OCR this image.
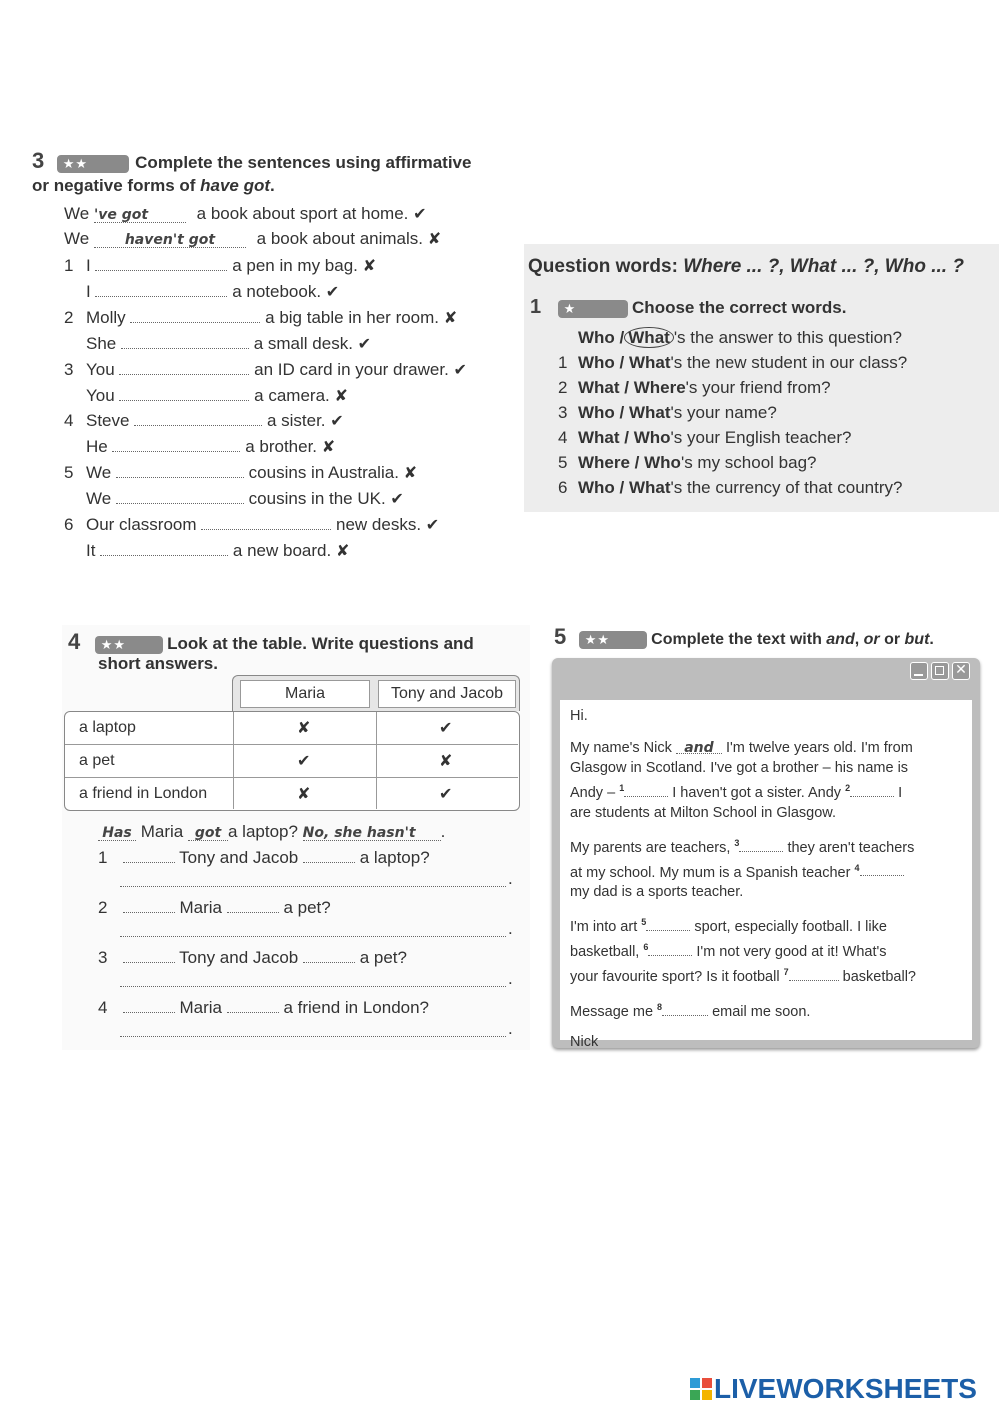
3 ★★	Complete the sentences using affirmative
or negative forms of have got.
We 've got	a book about sport at home. ✔
We	haven't got a book about animals. ✘
1 I	a pen in my bag. ✘
I	a notebook. ✔
2 Molly	a big table in her room. ✘
She	a small desk. ✔
3 You	an ID card in your drawer. ✔
You	a camera. ✘
4 Steve	a sister. ✔
He	a brother. ✘
5 We	cousins in Australia. ✘
We	cousins in the UK. ✔
6 Our classroom	new desks. ✔
It	a new board. ✘
Question words: Where ... ?, What ... ?, Who ... ?
1 ★	Choose the correct words.
Who / What 's the answer to this question?
1 Who / What's the new student in our class?
2 What / Where's your friend from?
3 Who / What's your name?
4 What / Who's your English teacher?
5 Where / Who's my school bag?
6 Who / What's the currency of that country?
4 ★★ Look at the table. Write questions and
short answers.
Maria	Tony and Jacob
a laptop	✘	✔
a pet	✔	✘
a friend in London	✘	✔
Has Maria got a laptop? No, she hasn't .
1	Tony and Jacob	a laptop?
.
2	Maria	a pet?
.
3	Tony and Jacob	a pet?
.
4	Maria	a friend in London?
.
5 ★★	Complete the text with and, or or but.
✕
Hi.
My name's Nick and I'm twelve years old. I'm from
Glasgow in Scotland. I've got a brother – his name is
Andy – $^1$	I haven't got a sister. Andy $^2$	I
are students at Milton School in Glasgow.
My parents are teachers, $^3$	they aren't teachers
at my school. My mum is a Spanish teacher $^4$
my dad is a sports teacher.
I'm into art $^5$	sport, especially football. I like
basketball, $^6$	I'm not very good at it! What's
your favourite sport? Is it football $^7$	basketball?
Message me $^8$	email me soon.
Nick
LIVEWORKSHEETS
